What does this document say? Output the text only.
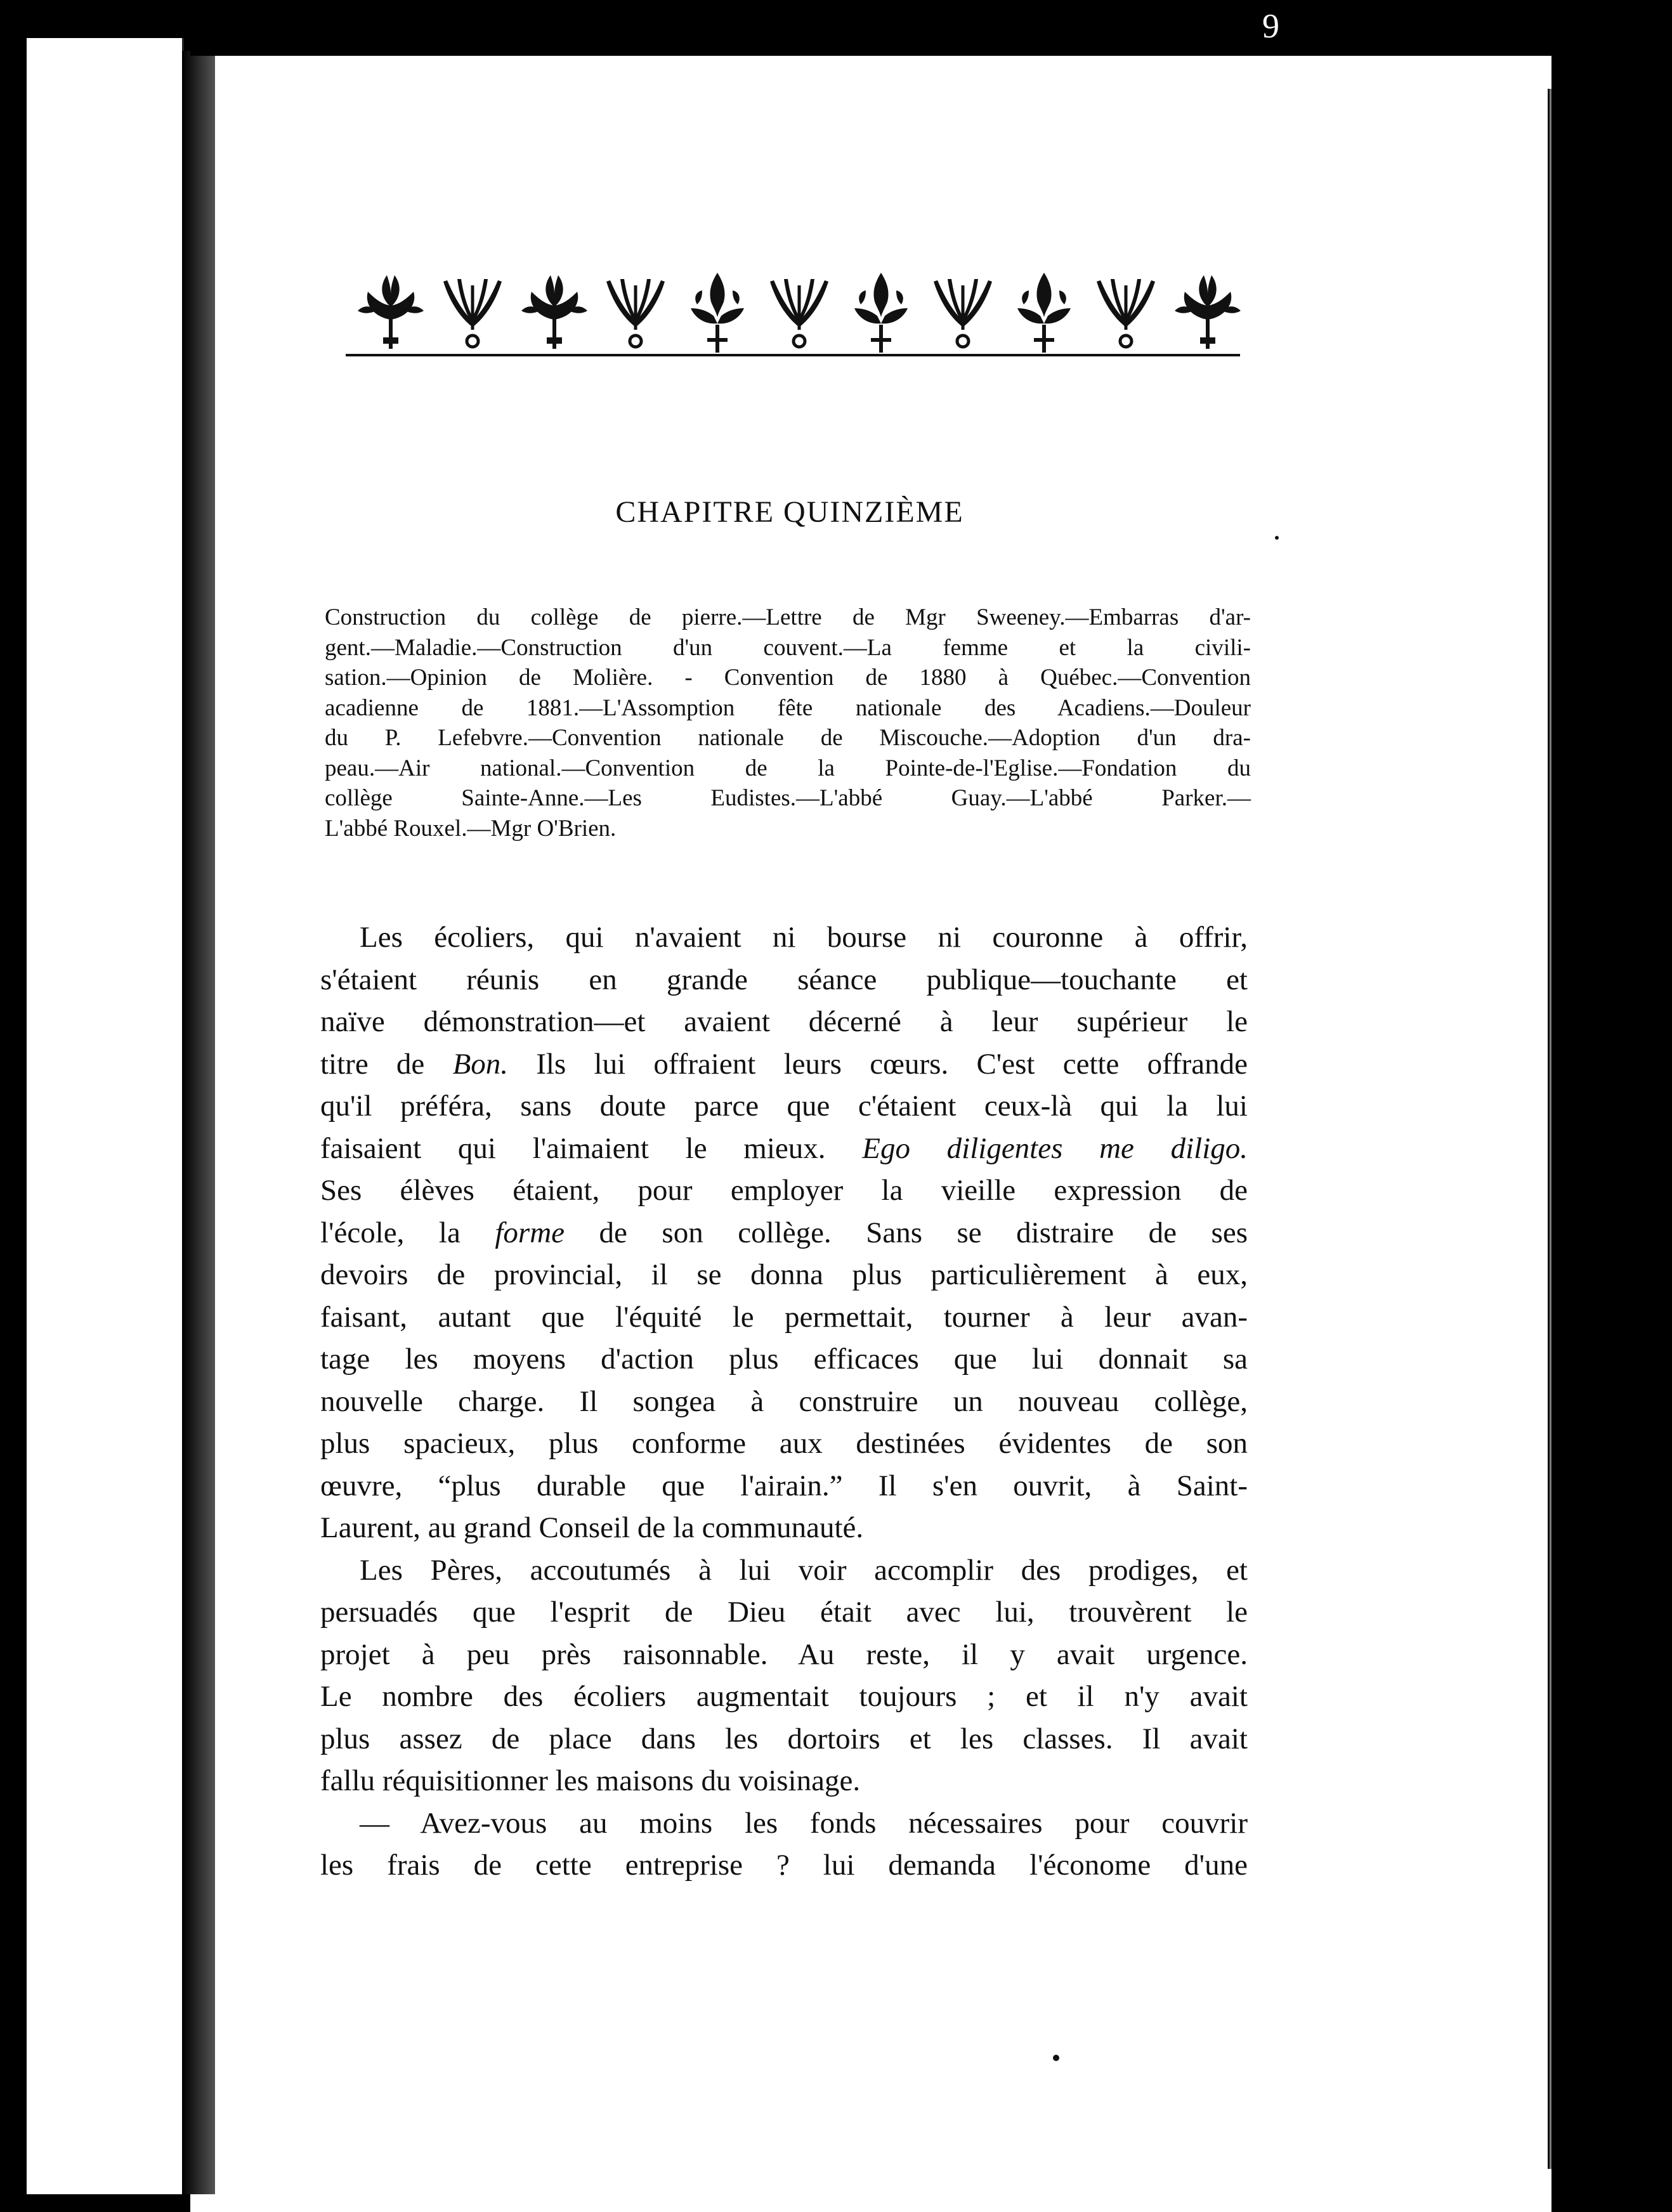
9
CHAPITRE QUINZIÈME
Construction du collège de pierre.—Lettre de Mgr Sweeney.—Embarras d'ar-
gent.—Maladie.—Construction d'un couvent.—La femme et la civili-
sation.—Opinion de Molière. - Convention de 1880 à Québec.—Convention
acadienne de 1881.—L'Assomption fête nationale des Acadiens.—Douleur
du P. Lefebvre.—Convention nationale de Miscouche.—Adoption d'un dra-
peau.—Air national.—Convention de la Pointe-de-l'Eglise.—Fondation du
collège Sainte-Anne.—Les Eudistes.—L'abbé Guay.—L'abbé Parker.—
L'abbé Rouxel.—Mgr O'Brien.
Les écoliers, qui n'avaient ni bourse ni couronne à offrir,
s'étaient réunis en grande séance publique—touchante et
naïve démonstration—et avaient décerné à leur supérieur le
titre de Bon. Ils lui offraient leurs cœurs. C'est cette offrande
qu'il préféra, sans doute parce que c'étaient ceux-là qui la lui
faisaient qui l'aimaient le mieux. Ego diligentes me diligo.
Ses élèves étaient, pour employer la vieille expression de
l'école, la forme de son collège. Sans se distraire de ses
devoirs de provincial, il se donna plus particulièrement à eux,
faisant, autant que l'équité le permettait, tourner à leur avan-
tage les moyens d'action plus efficaces que lui donnait sa
nouvelle charge. Il songea à construire un nouveau collège,
plus spacieux, plus conforme aux destinées évidentes de son
œuvre, “plus durable que l'airain.” Il s'en ouvrit, à Saint-
Laurent, au grand Conseil de la communauté.
Les Pères, accoutumés à lui voir accomplir des prodiges, et
persuadés que l'esprit de Dieu était avec lui, trouvèrent le
projet à peu près raisonnable. Au reste, il y avait urgence.
Le nombre des écoliers augmentait toujours ; et il n'y avait
plus assez de place dans les dortoirs et les classes. Il avait
fallu réquisitionner les maisons du voisinage.
— Avez-vous au moins les fonds nécessaires pour couvrir
les frais de cette entreprise ? lui demanda l'économe d'une
